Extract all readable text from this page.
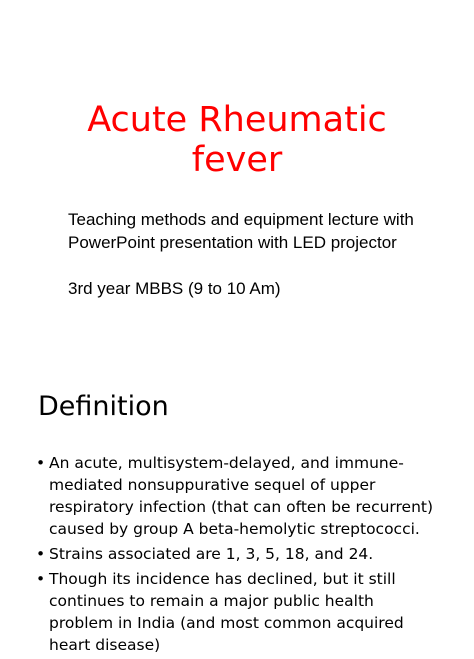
Acute Rheumatic
fever

Teaching methods and equipment lecture with PowerPoint presentation with LED projector

3rd year MBBS (9 to 10 Am)

Definition
• An acute, multisystem-delayed, and immune-mediated nonsuppurative sequel of upper respiratory infection (that can often be recurrent) caused by group A beta-hemolytic streptococci.
• Strains associated are 1, 3, 5, 18, and 24.
• Though its incidence has declined, but it still continues to remain a major public health problem in India (and most common acquired heart disease)
